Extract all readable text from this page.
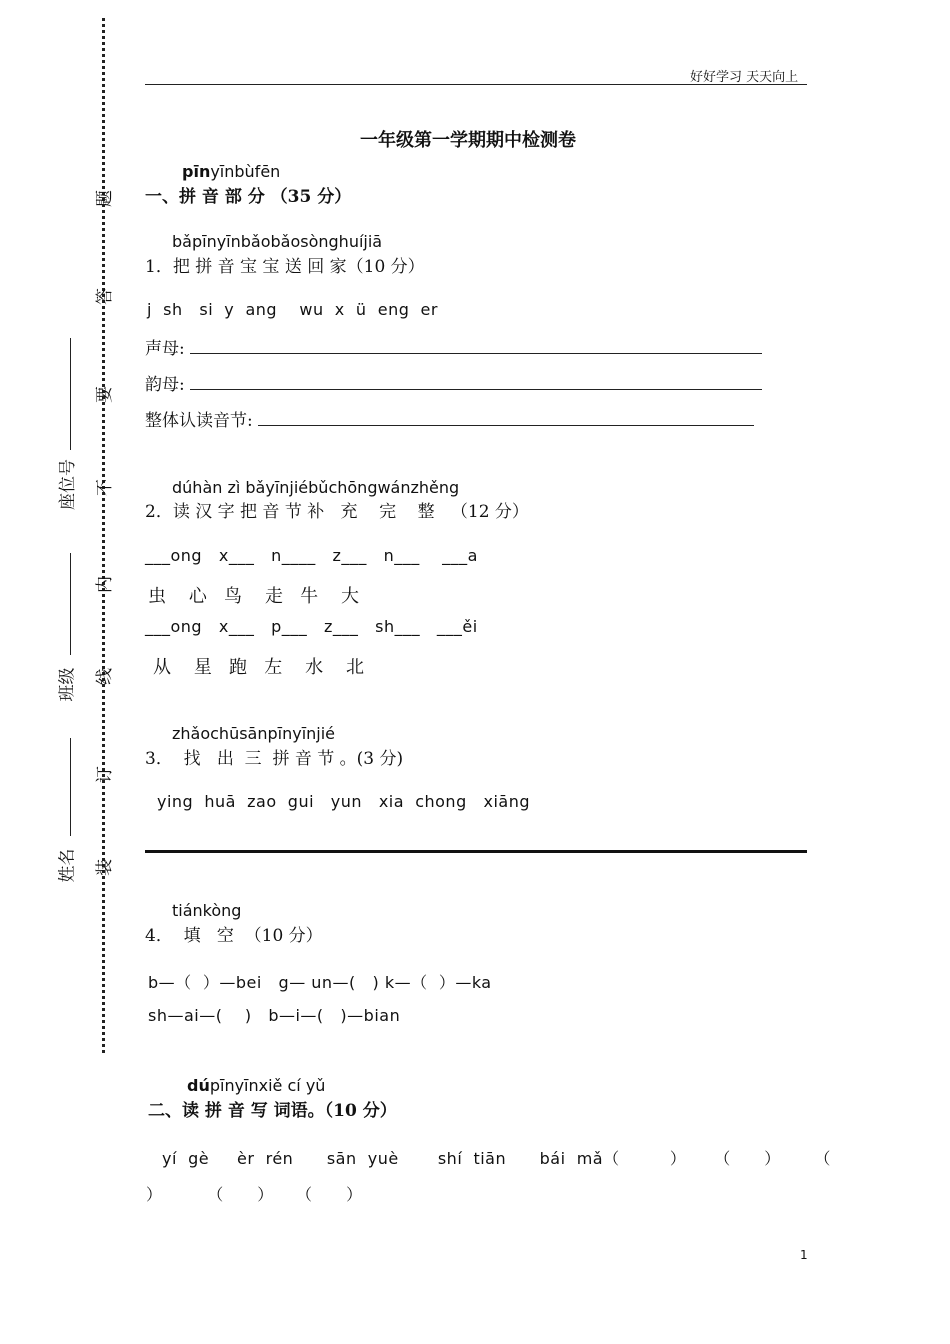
好好学习 天天向上
题
答
要
不
内
线
订
装
座位号
班级
姓名
一年级第一学期期中检测卷
pīnyīnbùfēn
一、拼 音 部 分 （35 分）
bǎpīnyīnbǎobǎosònghuíjiā
1．把 拼 音 宝 宝 送 回 家（10 分）
j  sh   si  y  ang    wu  x  ü  eng  er
声母:
韵母:
整体认读音节:
dúhàn zì bǎyīnjiébǔchōngwánzhěng
2．读 汉 字 把 音 节 补   充    完    整   （12 分）
___ong   x___   n____   z___   n___    ___a
虫    心   鸟    走   牛    大
___ong   x___   p___   z___   sh___   ___ěi
从    星   跑   左    水    北
zhǎochūsānpīnyīnjié
3．  找   出  三  拼 音 节 。(3 分)
ying  huā  zao  gui   yun   xia  chong   xiāng
tiánkòng
4．  填   空  （10 分）
b—（  ）—bei   g— un—(   ) k—（  ）—ka
sh—ai—(    )   b—i—(   )—bian
dúpīnyīnxiě cí yǔ
二、读 拼 音 写 词语。（10 分）
yí  gè     èr  rén      sān  yuè       shí  tiān      bái  mǎ（         ）     （      ）      （
）        （      ）    （      ）
1
